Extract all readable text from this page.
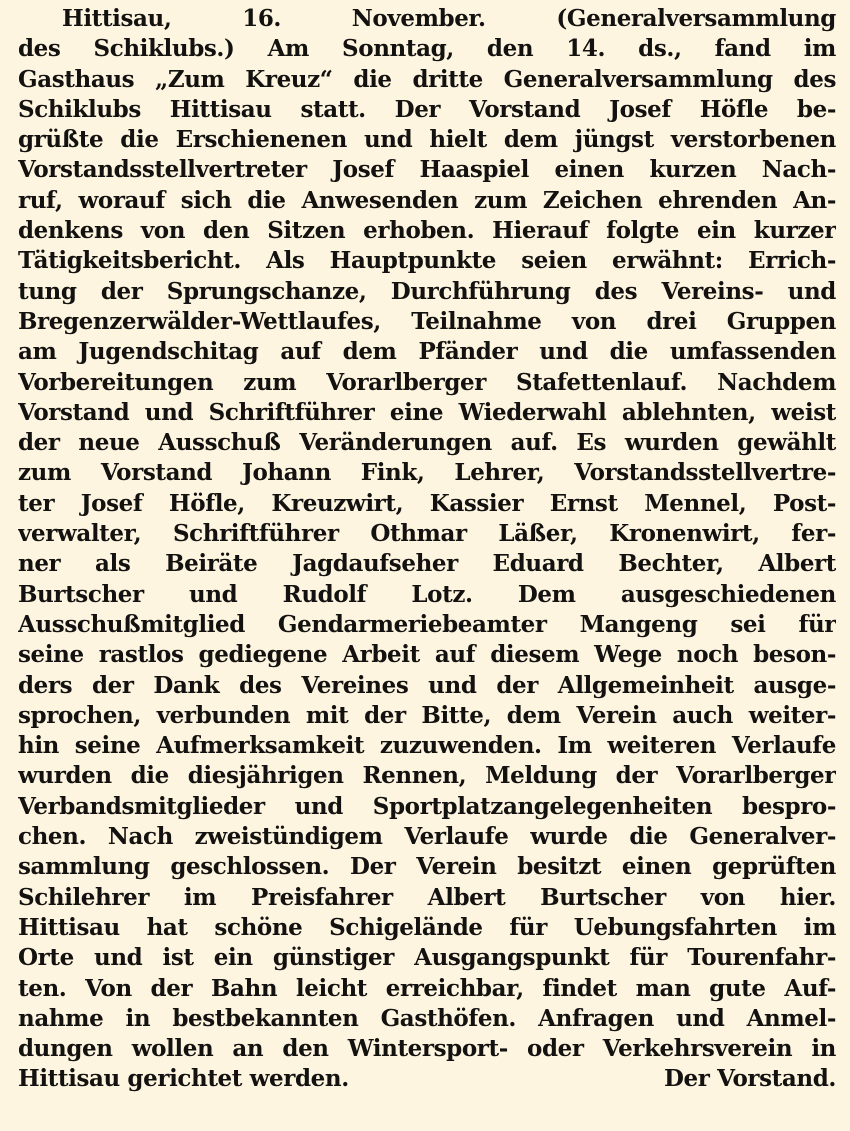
Hittisau, 16. November. (Generalversammlung
des Schiklubs.) Am Sonntag, den 14. ds., fand im
Gasthaus „Zum Kreuz“ die dritte Generalversammlung des
Schiklubs Hittisau statt. Der Vorstand Josef Höfle be-
grüßte die Erschienenen und hielt dem jüngst verstorbenen
Vorstandsstellvertreter Josef Haaspiel einen kurzen Nach-
ruf, worauf sich die Anwesenden zum Zeichen ehrenden An-
denkens von den Sitzen erhoben. Hierauf folgte ein kurzer
Tätigkeitsbericht. Als Hauptpunkte seien erwähnt: Errich-
tung der Sprungschanze, Durchführung des Vereins- und
Bregenzerwälder-Wettlaufes, Teilnahme von drei Gruppen
am Jugendschitag auf dem Pfänder und die umfassenden
Vorbereitungen zum Vorarlberger Stafettenlauf. Nachdem
Vorstand und Schriftführer eine Wiederwahl ablehnten, weist
der neue Ausschuß Veränderungen auf. Es wurden gewählt
zum Vorstand Johann Fink, Lehrer, Vorstandsstellvertre-
ter Josef Höfle, Kreuzwirt, Kassier Ernst Mennel, Post-
verwalter, Schriftführer Othmar Läßer, Kronenwirt, fer-
ner als Beiräte Jagdaufseher Eduard Bechter, Albert
Burtscher und Rudolf Lotz. Dem ausgeschiedenen
Ausschußmitglied Gendarmeriebeamter Mangeng sei für
seine rastlos gediegene Arbeit auf diesem Wege noch beson-
ders der Dank des Vereines und der Allgemeinheit ausge-
sprochen, verbunden mit der Bitte, dem Verein auch weiter-
hin seine Aufmerksamkeit zuzuwenden. Im weiteren Verlaufe
wurden die diesjährigen Rennen, Meldung der Vorarlberger
Verbandsmitglieder und Sportplatzangelegenheiten bespro-
chen. Nach zweistündigem Verlaufe wurde die Generalver-
sammlung geschlossen. Der Verein besitzt einen geprüften
Schilehrer im Preisfahrer Albert Burtscher von hier.
Hittisau hat schöne Schigelände für Uebungsfahrten im
Orte und ist ein günstiger Ausgangspunkt für Tourenfahr-
ten. Von der Bahn leicht erreichbar, findet man gute Auf-
nahme in bestbekannten Gasthöfen. Anfragen und Anmel-
dungen wollen an den Wintersport- oder Verkehrsverein in
Hittisau gerichtet werden.	Der Vorstand.
